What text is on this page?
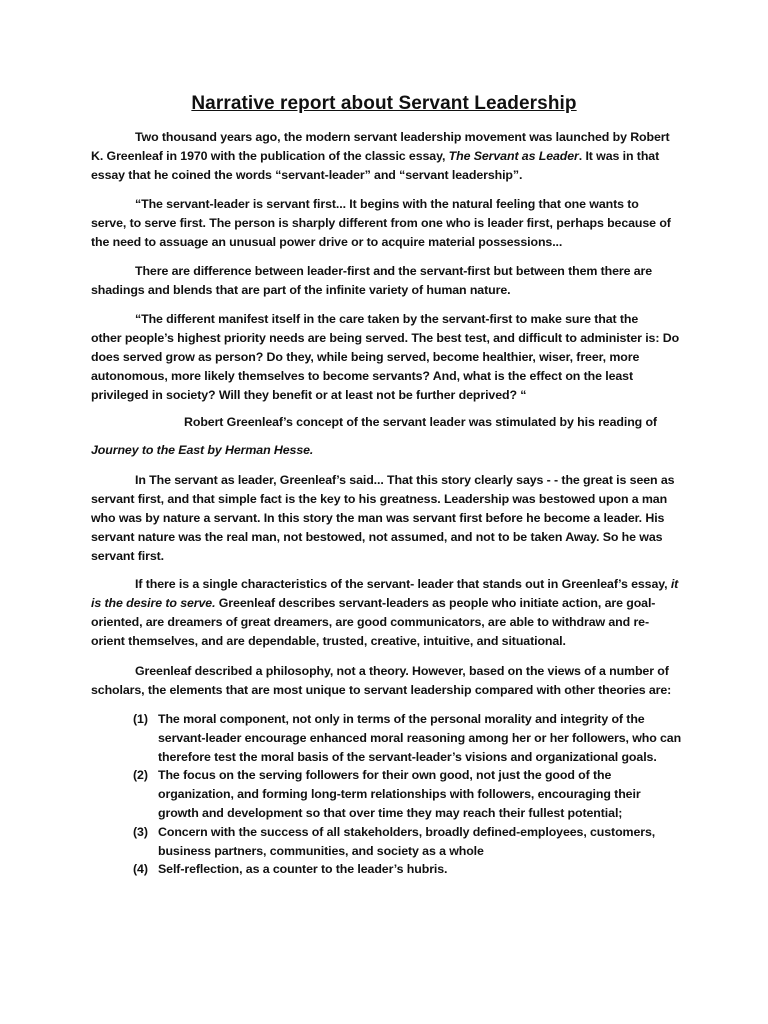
Narrative report about Servant Leadership
Two thousand years ago, the modern servant leadership movement was launched by Robert
K. Greenleaf in 1970 with the publication of the classic essay, The Servant as Leader. It was in that
essay that he coined the words “servant-leader” and “servant leadership”.
“The servant-leader is servant first... It begins with the natural feeling that one wants to
serve, to serve first. The person is sharply different from one who is leader first, perhaps because of
the need to assuage an unusual power drive or to acquire material possessions...
There are difference between leader-first and the servant-first but between them there are
shadings and blends that are part of the infinite variety of human nature.
“The different manifest itself in the care taken by the servant-first to make sure that the
other people’s highest priority needs are being served. The best test, and difficult to administer is: Do
does served grow as person? Do they, while being served, become healthier, wiser, freer, more
autonomous, more likely themselves to become servants? And, what is the effect on the least
privileged in society? Will they benefit or at least not be further deprived? “
Robert Greenleaf’s concept of the servant leader was stimulated by his reading of
Journey to the East by Herman Hesse.
In The servant as leader, Greenleaf’s said... That this story clearly says - - the great is seen as
servant first, and that simple fact is the key to his greatness. Leadership was bestowed upon a man
who was by nature a servant. In this story the man was servant first before he become a leader. His
servant nature was the real man, not bestowed, not assumed, and not to be taken Away. So he was
servant first.
If there is a single characteristics of the servant- leader that stands out in Greenleaf’s essay, it
is the desire to serve. Greenleaf describes servant-leaders as people who initiate action, are goal-
oriented, are dreamers of great dreamers, are good communicators, are able to withdraw and re-
orient themselves, and are dependable, trusted, creative, intuitive, and situational.
Greenleaf described a philosophy, not a theory. However, based on the views of a number of
scholars, the elements that are most unique to servant leadership compared with other theories are:
(1) The moral component, not only in terms of the personal morality and integrity of the
servant-leader encourage enhanced moral reasoning among her or her followers, who can
therefore test the moral basis of the servant-leader’s visions and organizational goals.
(2) The focus on the serving followers for their own good, not just the good of the
organization, and forming long-term relationships with followers, encouraging their
growth and development so that over time they may reach their fullest potential;
(3) Concern with the success of all stakeholders, broadly defined-employees, customers,
business partners, communities, and society as a whole
(4) Self-reflection, as a counter to the leader’s hubris.
